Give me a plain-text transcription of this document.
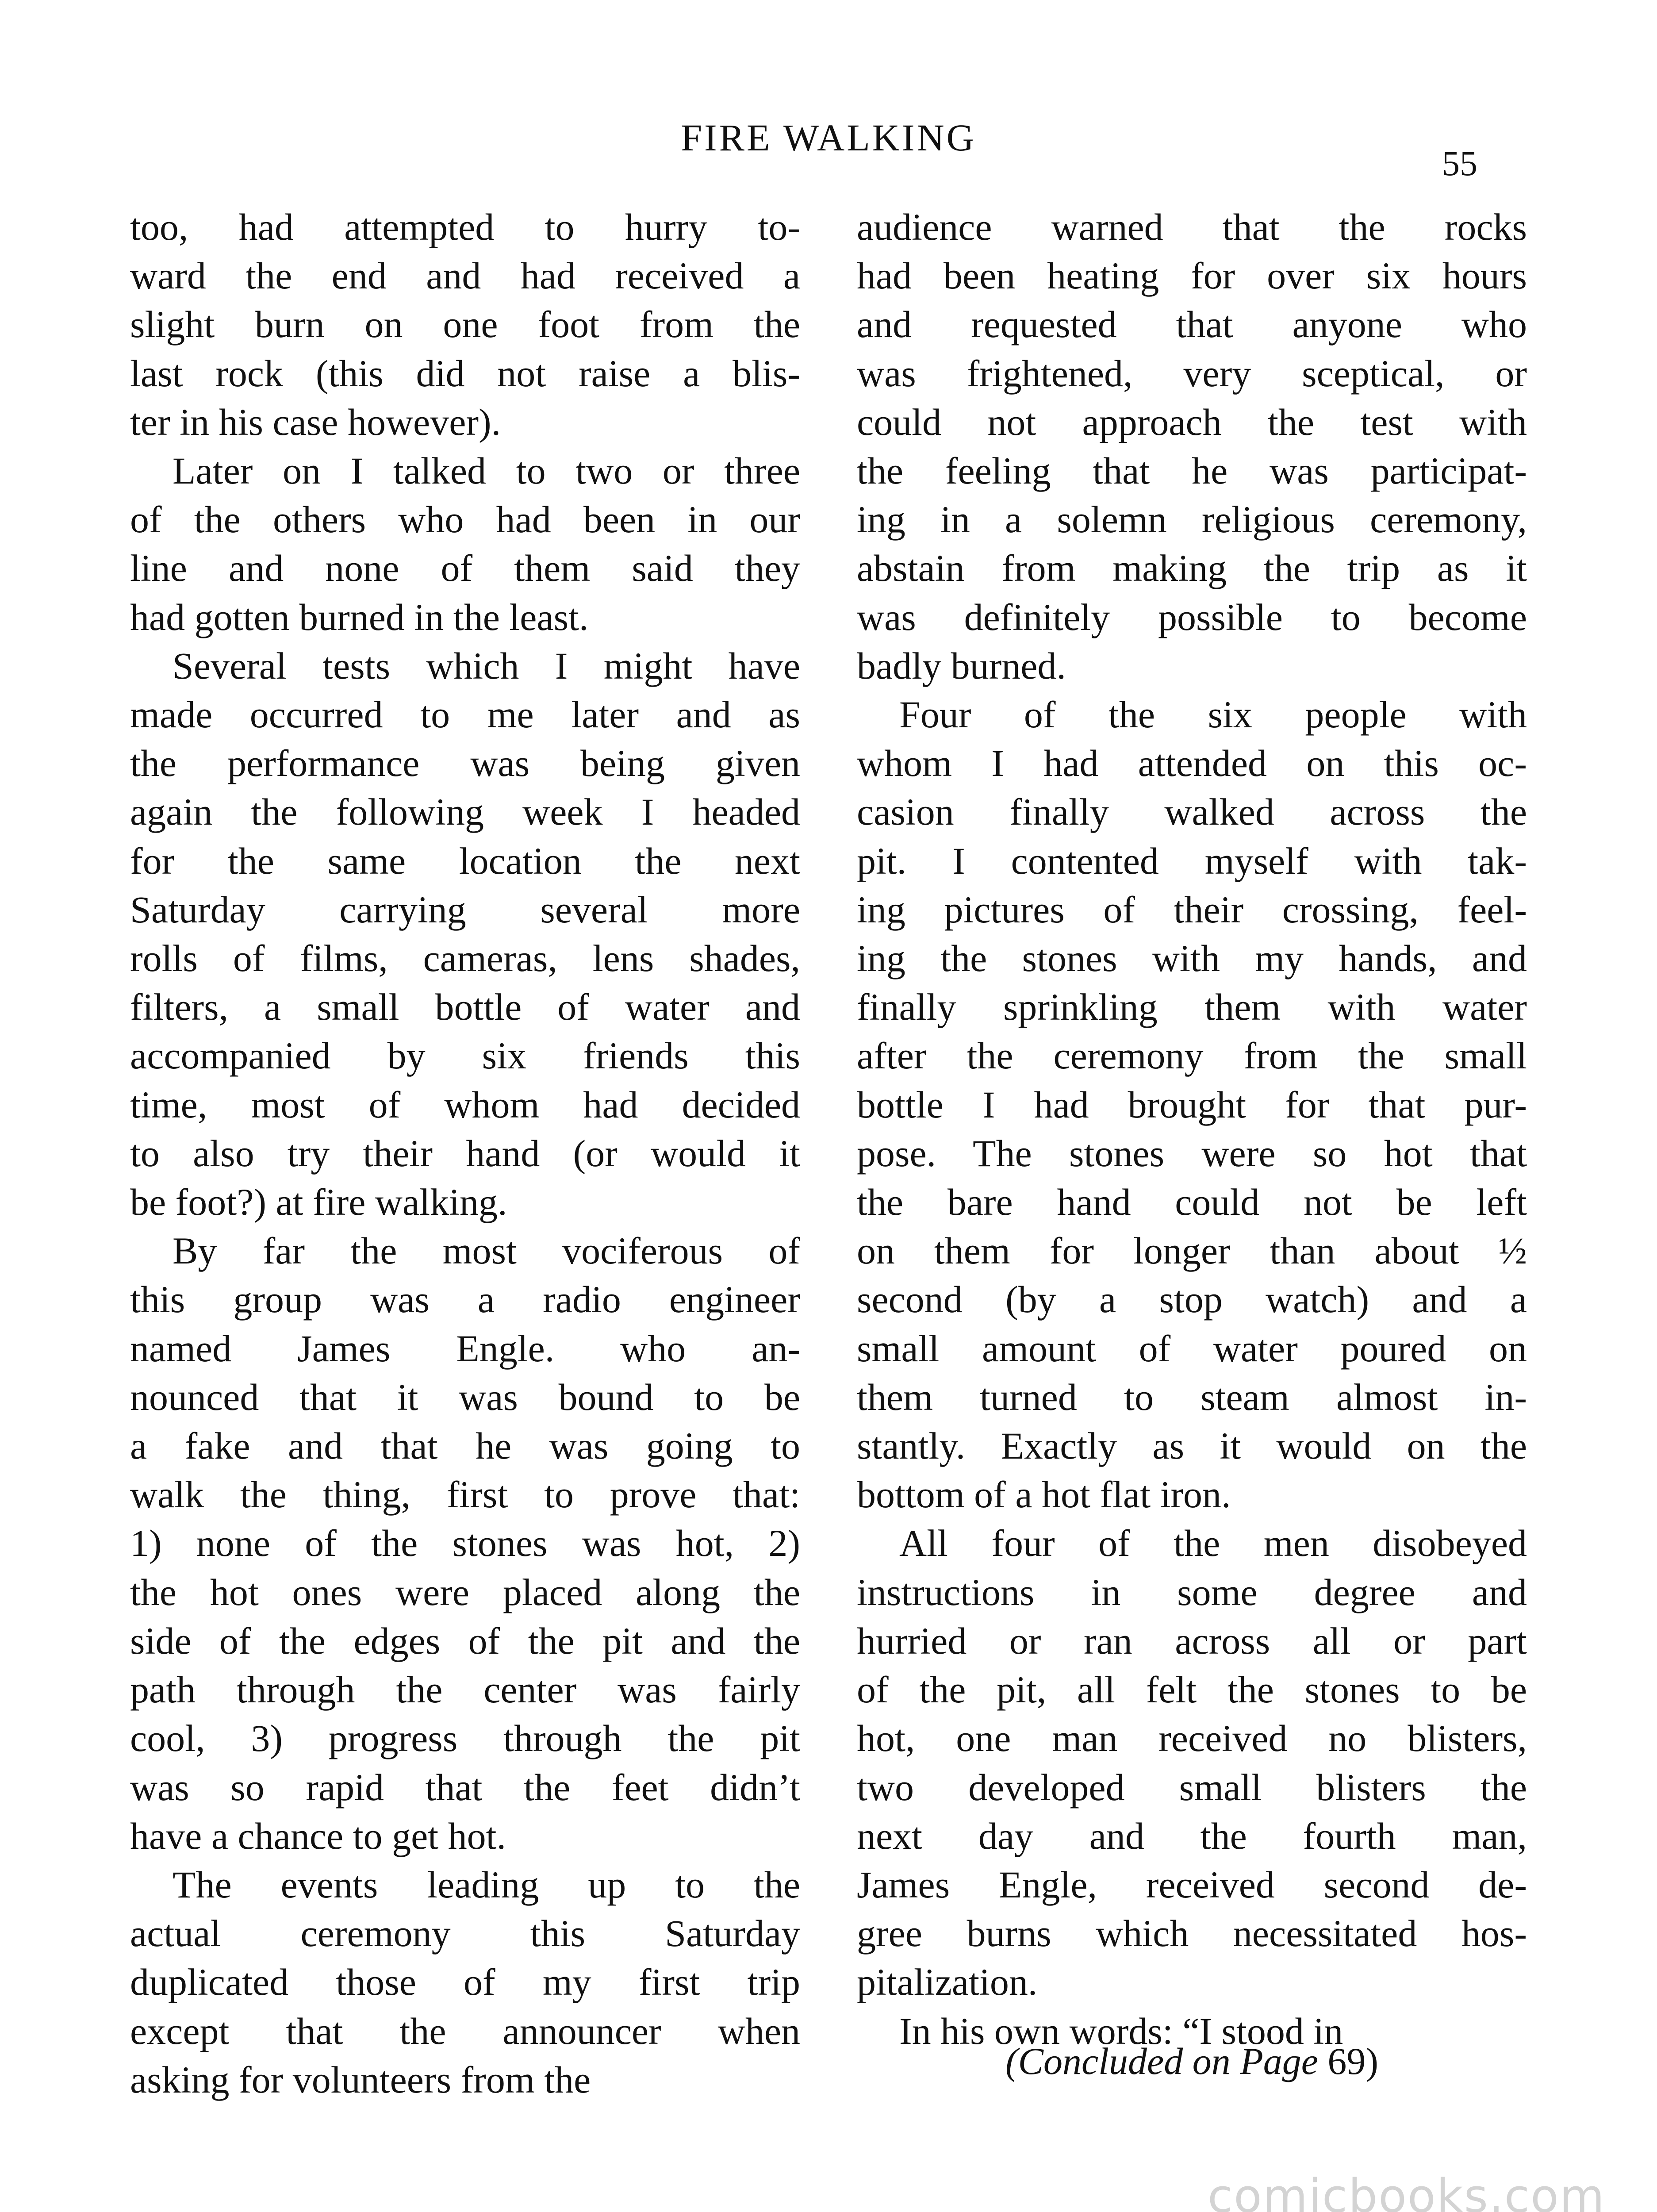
FIRE WALKING
55
too, had attempted to hurry to-
ward the end and had received a
slight burn on one foot from the
last rock (this did not raise a blis-
ter in his case however).
Later on I talked to two or three
of the others who had been in our
line and none of them said they
had gotten burned in the least.
Several tests which I might have
made occurred to me later and as
the performance was being given
again the following week I headed
for the same location the next
Saturday carrying several more
rolls of films, cameras, lens shades,
filters, a small bottle of water and
accompanied by six friends this
time, most of whom had decided
to also try their hand (or would it
be foot?) at fire walking.
By far the most vociferous of
this group was a radio engineer
named James Engle. who an-
nounced that it was bound to be
a fake and that he was going to
walk the thing, first to prove that:
1) none of the stones was hot, 2)
the hot ones were placed along the
side of the edges of the pit and the
path through the center was fairly
cool, 3) progress through the pit
was so rapid that the feet didn’t
have a chance to get hot.
The events leading up to the
actual ceremony this Saturday
duplicated those of my first trip
except that the announcer when
asking for volunteers from the
audience warned that the rocks
had been heating for over six hours
and requested that anyone who
was frightened, very sceptical, or
could not approach the test with
the feeling that he was participat-
ing in a solemn religious ceremony,
abstain from making the trip as it
was definitely possible to become
badly burned.
Four of the six people with
whom I had attended on this oc-
casion finally walked across the
pit. I contented myself with tak-
ing pictures of their crossing, feel-
ing the stones with my hands, and
finally sprinkling them with water
after the ceremony from the small
bottle I had brought for that pur-
pose. The stones were so hot that
the bare hand could not be left
on them for longer than about ½
second (by a stop watch) and a
small amount of water poured on
them turned to steam almost in-
stantly. Exactly as it would on the
bottom of a hot flat iron.
All four of the men disobeyed
instructions in some degree and
hurried or ran across all or part
of the pit, all felt the stones to be
hot, one man received no blisters,
two developed small blisters the
next day and the fourth man,
James Engle, received second de-
gree burns which necessitated hos-
pitalization.
In his own words: “I stood in
(Concluded on Page 69)
comicbooks.com
